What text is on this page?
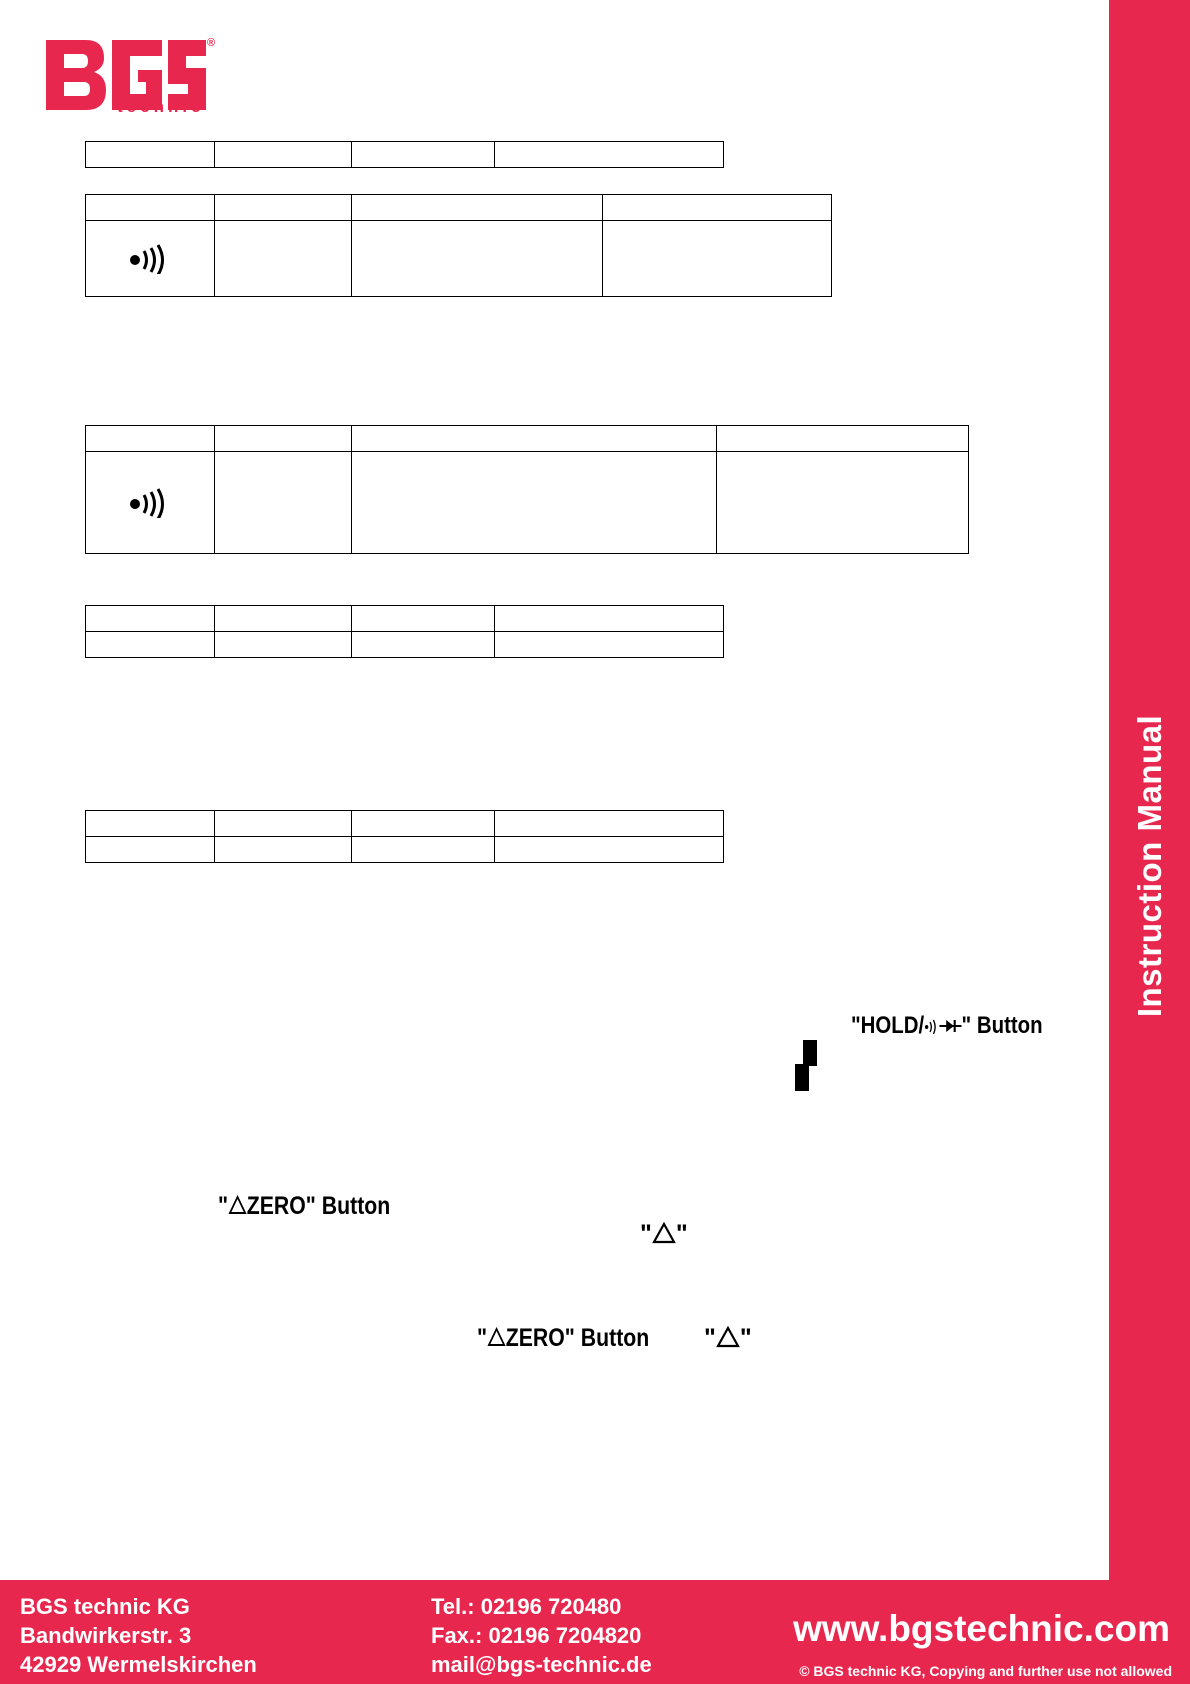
technic
®

"HOLD/ " Button
" ZERO" Button
" "
" ZERO" Button	" "
Instruction Manual
BGS technic KG
Bandwirkerstr. 3
42929 Wermelskirchen
Tel.: 02196 720480
Fax.: 02196 7204820
mail@bgs-technic.de
www.bgstechnic.com
© BGS technic KG, Copying and further use not allowed
